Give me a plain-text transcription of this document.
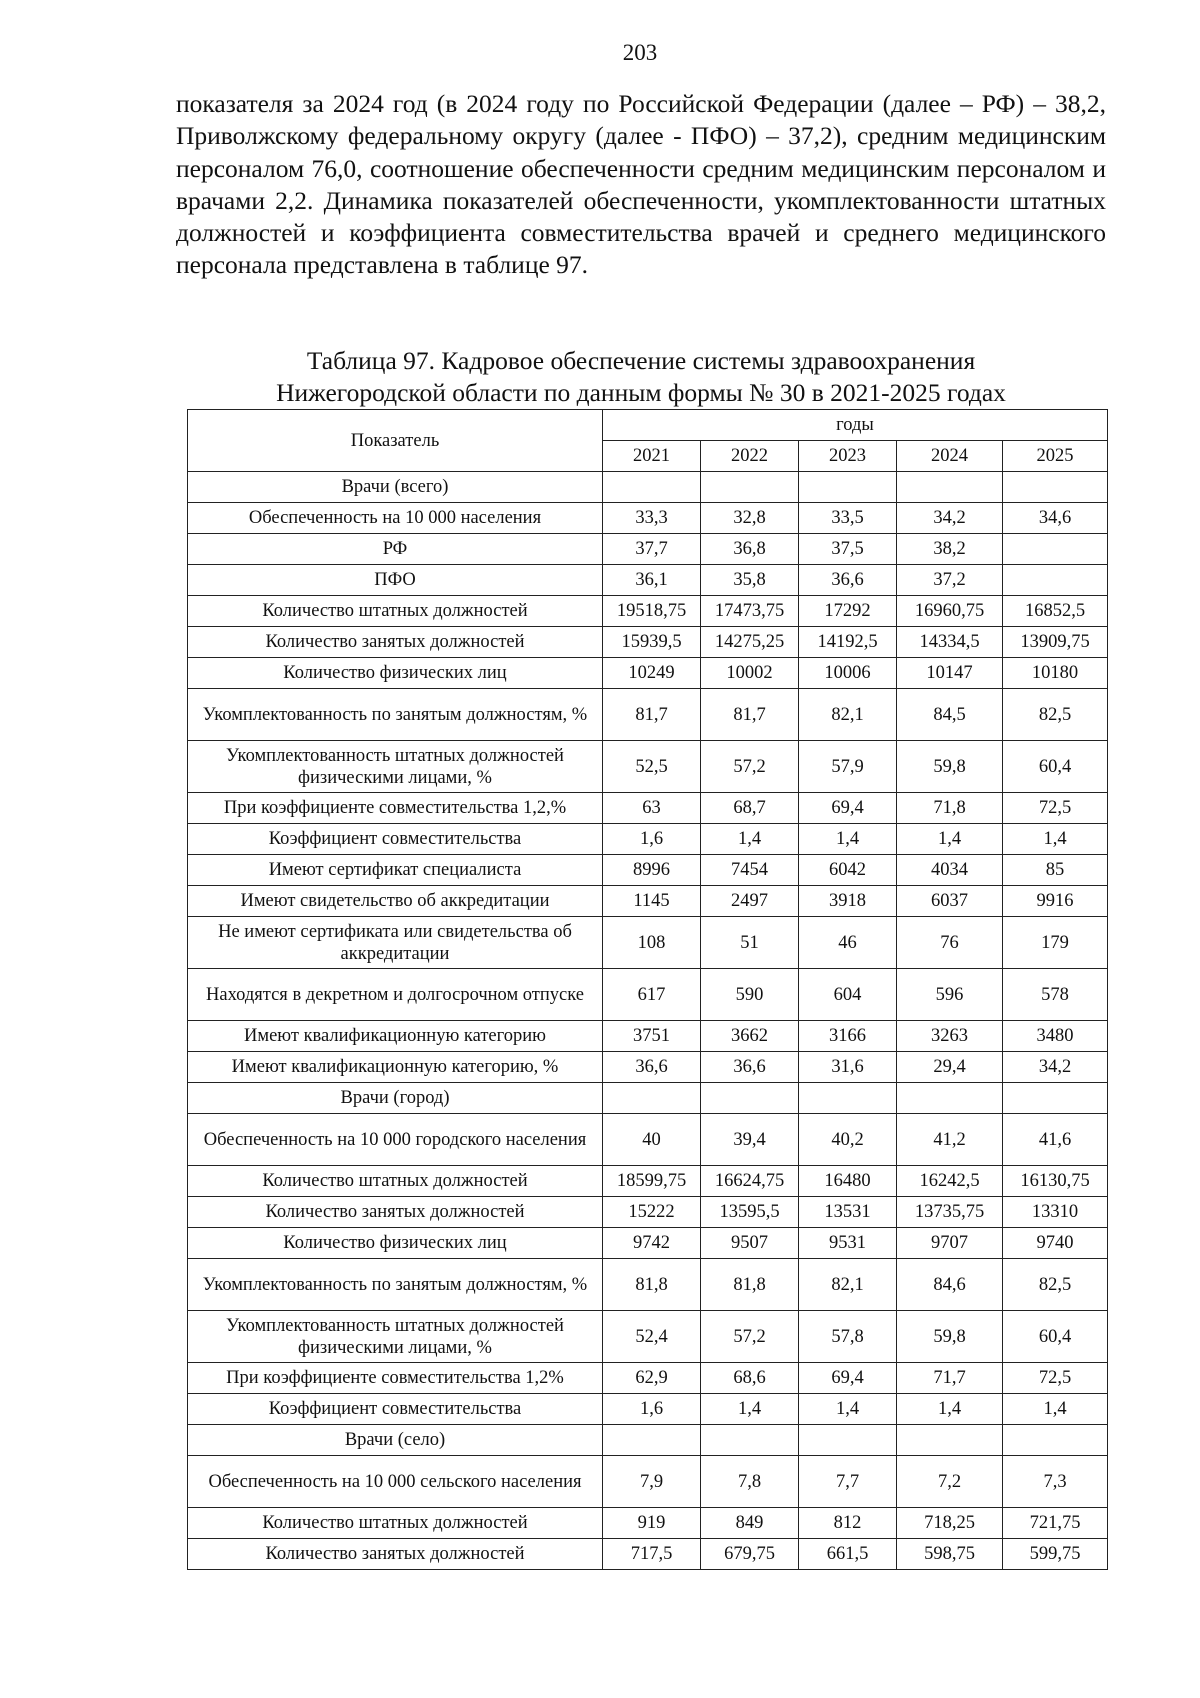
203

показателя за 2024 год (в 2024 году по Российской Федерации (далее – РФ) – 38,2, Приволжскому федеральному округу (далее - ПФО) – 37,2), средним медицинским персоналом 76,0, соотношение обеспеченности средним медицинским персоналом и врачами 2,2. Динамика показателей обеспеченности, укомплектованности штатных должностей и коэффициента совместительства врачей и среднего медицинского персонала представлена в таблице 97.

Таблица 97. Кадровое обеспечение системы здравоохранения
Нижегородской области по данным формы № 30 в 2021-2025 годах
Показатель	годы				
	2021	2022	2023	2024	2025
Врачи (всего)					
Обеспеченность на 10 000 населения	33,3	32,8	33,5	34,2	34,6
РФ	37,7	36,8	37,5	38,2	
ПФО	36,1	35,8	36,6	37,2	
Количество штатных должностей	19518,75	17473,75	17292	16960,75	16852,5
Количество занятых должностей	15939,5	14275,25	14192,5	14334,5	13909,75
Количество физических лиц	10249	10002	10006	10147	10180
Укомплектованность по занятым должностям, %	81,7	81,7	82,1	84,5	82,5
Укомплектованность штатных должностей физическими лицами, %	52,5	57,2	57,9	59,8	60,4
При коэффициенте совместительства 1,2,%	63	68,7	69,4	71,8	72,5
Коэффициент совместительства	1,6	1,4	1,4	1,4	1,4
Имеют сертификат специалиста	8996	7454	6042	4034	85
Имеют свидетельство об аккредитации	1145	2497	3918	6037	9916
Не имеют сертификата или свидетельства об аккредитации	108	51	46	76	179
Находятся в декретном и долгосрочном отпуске	617	590	604	596	578
Имеют квалификационную категорию	3751	3662	3166	3263	3480
Имеют квалификационную категорию, %	36,6	36,6	31,6	29,4	34,2
Врачи (город)					
Обеспеченность на 10 000 городского населения	40	39,4	40,2	41,2	41,6
Количество штатных должностей	18599,75	16624,75	16480	16242,5	16130,75
Количество занятых должностей	15222	13595,5	13531	13735,75	13310
Количество физических лиц	9742	9507	9531	9707	9740
Укомплектованность по занятым должностям, %	81,8	81,8	82,1	84,6	82,5
Укомплектованность штатных должностей физическими лицами, %	52,4	57,2	57,8	59,8	60,4
При коэффициенте совместительства 1,2%	62,9	68,6	69,4	71,7	72,5
Коэффициент совместительства	1,6	1,4	1,4	1,4	1,4
Врачи (село)					
Обеспеченность на 10 000 сельского населения	7,9	7,8	7,7	7,2	7,3
Количество штатных должностей	919	849	812	718,25	721,75
Количество занятых должностей	717,5	679,75	661,5	598,75	599,75
